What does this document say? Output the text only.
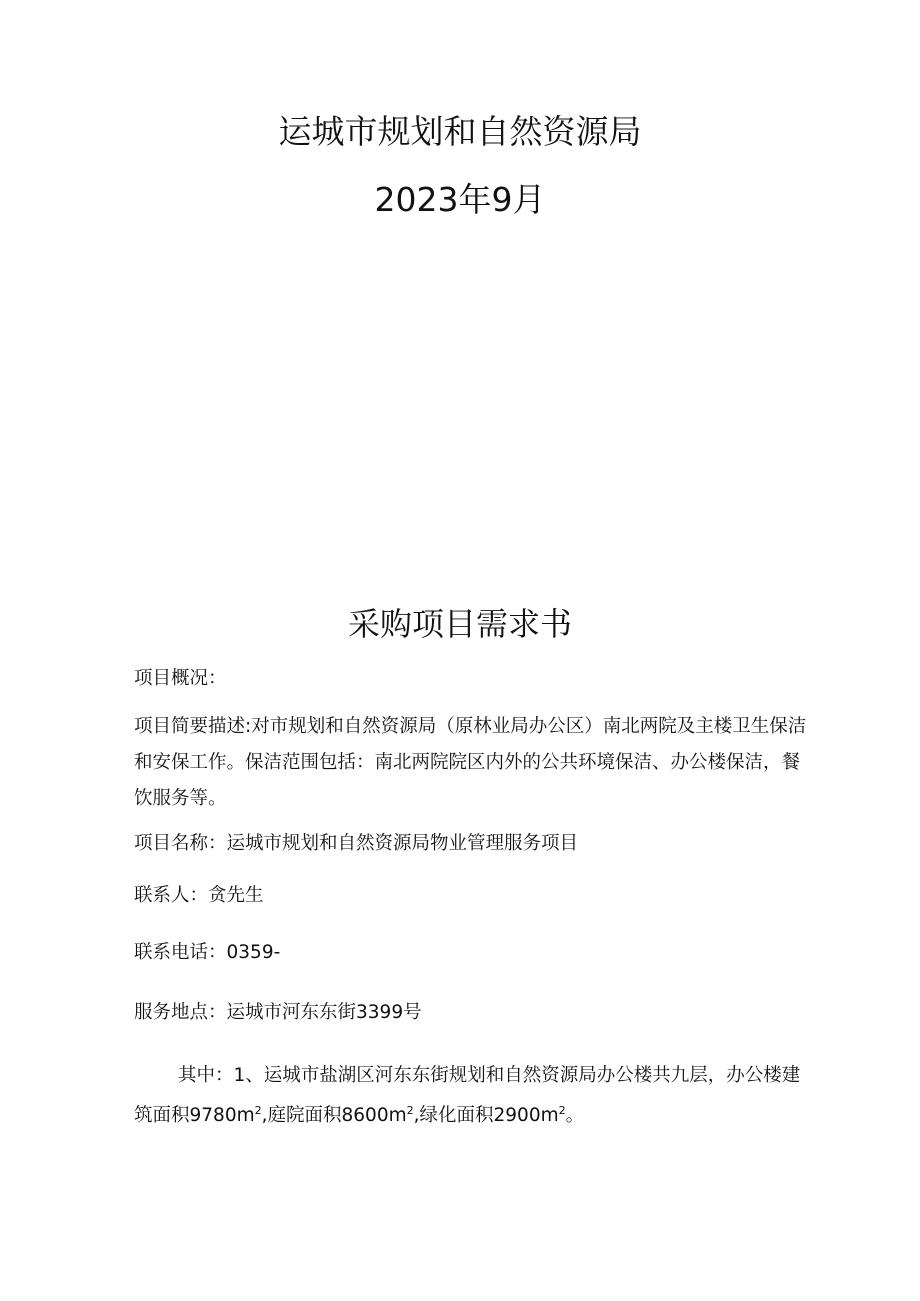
运城市规划和自然资源局
2023年9月
采购项目需求书

项目概况：

项目简要描述:对市规划和自然资源局（原林业局办公区）南北两院及主楼卫生保洁和安保工作。保洁范围包括：南北两院院区内外的公共环境保洁、办公楼保洁，餐饮服务等。

项目名称：运城市规划和自然资源局物业管理服务项目

联系人：贪先生

联系电话：0359-

服务地点：运城市河东东街3399号

其中：1、运城市盐湖区河东东街规划和自然资源局办公楼共九层，办公楼建筑面积$9780m^2$,庭院面积$8600m^2$,绿化面积$2900m^2$。
